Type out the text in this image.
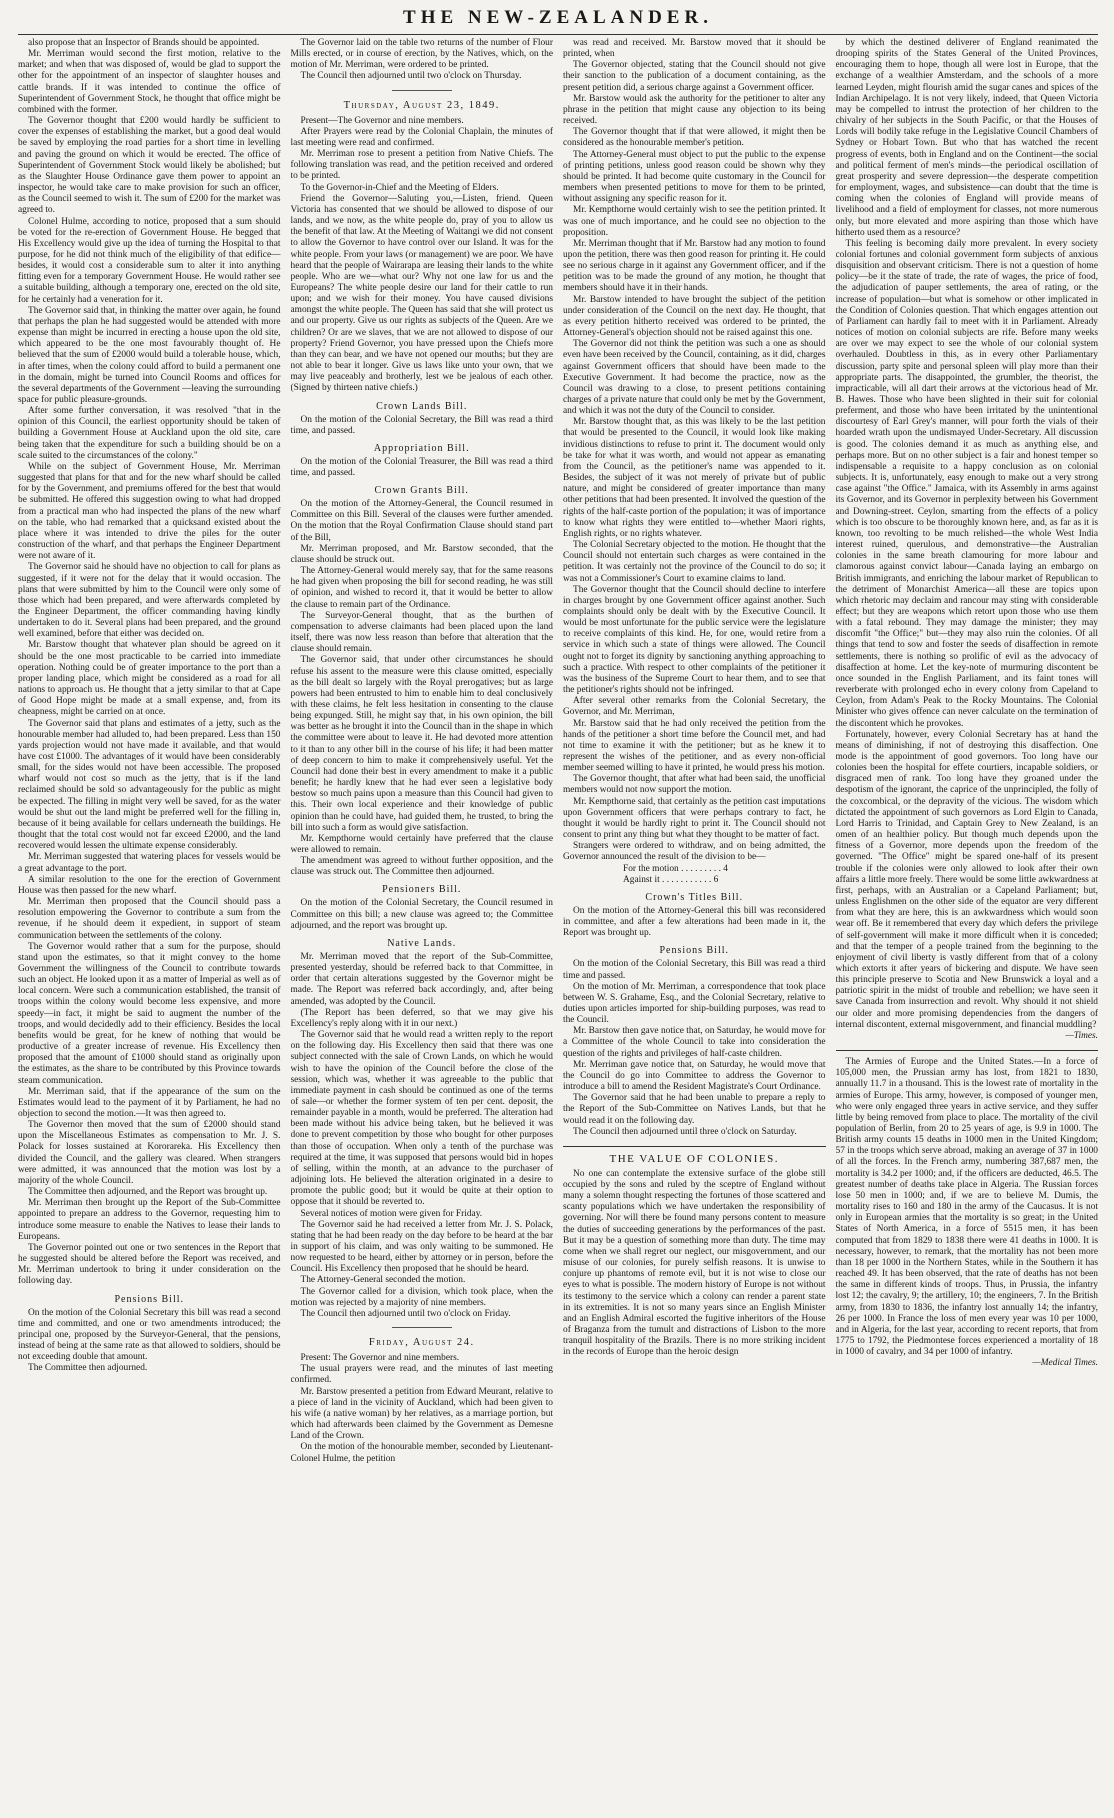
THE NEW-ZEALANDER.

also propose that an Inspector of Brands should be appointed.

Mr. Merriman would second the first motion, relative to the market; and when that was disposed of, would be glad to support the other for the appointment of an inspector of slaughter houses and cattle brands. If it was intended to continue the office of Superintendent of Government Stock, he thought that office might be combined with the former.

The Governor thought that £200 would hardly be sufficient to cover the expenses of establishing the market, but a good deal would be saved by employing the road parties for a short time in levelling and paving the ground on which it would be erected. The office of Superintendent of Government Stock would likely be abolished; but as the Slaughter House Ordinance gave them power to appoint an inspector, he would take care to make provision for such an officer, as the Council seemed to wish it. The sum of £200 for the market was agreed to.

Colonel Hulme, according to notice, proposed that a sum should be voted for the re-erection of Government House. He begged that His Excellency would give up the idea of turning the Hospital to that purpose, for he did not think much of the eligibility of that edifice—besides, it would cost a considerable sum to alter it into anything fitting even for a temporary Government House. He would rather see a suitable building, although a temporary one, erected on the old site, for he certainly had a veneration for it.

The Governor said that, in thinking the matter over again, he found that perhaps the plan he had suggested would be attended with more expense than might be incurred in erecting a house upon the old site, which appeared to be the one most favourably thought of. He believed that the sum of £2000 would build a tolerable house, which, in after times, when the colony could afford to build a permanent one in the domain, might be turned into Council Rooms and offices for the several departments of the Government —leaving the surrounding space for public pleasure-grounds.

After some further conversation, it was resolved "that in the opinion of this Council, the earliest opportunity should be taken of building a Government House at Auckland upon the old site, care being taken that the expenditure for such a building should be on a scale suited to the circumstances of the colony."

While on the subject of Government House, Mr. Merriman suggested that plans for that and for the new wharf should be called for by the Government, and premiums offered for the best that would be submitted. He offered this suggestion owing to what had dropped from a practical man who had inspected the plans of the new wharf on the table, who had remarked that a quicksand existed about the place where it was intended to drive the piles for the outer construction of the wharf, and that perhaps the Engineer Department were not aware of it.

The Governor said he should have no objection to call for plans as suggested, if it were not for the delay that it would occasion. The plans that were submitted by him to the Council were only some of those which had been prepared, and were afterwards completed by the Engineer Department, the officer commanding having kindly undertaken to do it. Several plans had been prepared, and the ground well examined, before that either was decided on.

Mr. Barstow thought that whatever plan should be agreed on it should be the one most practicable to be carried into immediate operation. Nothing could be of greater importance to the port than a proper landing place, which might be considered as a road for all nations to approach us. He thought that a jetty similar to that at Cape of Good Hope might be made at a small expense, and, from its cheapness, might be carried on at once.

The Governor said that plans and estimates of a jetty, such as the honourable member had alluded to, had been prepared. Less than 150 yards projection would not have made it available, and that would have cost £1000. The advantages of it would have been considerably small, for the sides would not have been accessible. The proposed wharf would not cost so much as the jetty, that is if the land reclaimed should be sold so advantageously for the public as might be expected. The filling in might very well be saved, for as the water would be shut out the land might be preferred well for the filling in, because of it being available for cellars underneath the buildings. He thought that the total cost would not far exceed £2000, and the land recovered would lessen the ultimate expense considerably.

Mr. Merriman suggested that watering places for vessels would be a great advantage to the port.

A similar resolution to the one for the erection of Government House was then passed for the new wharf.

Mr. Merriman then proposed that the Council should pass a resolution empowering the Governor to contribute a sum from the revenue, if he should deem it expedient, in support of steam communication between the settlements of the colony.

The Governor would rather that a sum for the purpose, should stand upon the estimates, so that it might convey to the home Government the willingness of the Council to contribute towards such an object. He looked upon it as a matter of Imperial as well as of local concern. Were such a communication established, the transit of troops within the colony would become less expensive, and more speedy—in fact, it might be said to augment the number of the troops, and would decidedly add to their efficiency. Besides the local benefits would be great, for he knew of nothing that would be productive of a greater increase of revenue. His Excellency then proposed that the amount of £1000 should stand as originally upon the estimates, as the share to be contributed by this Province towards steam communication.

Mr. Merriman said, that if the appearance of the sum on the Estimates would lead to the payment of it by Parliament, he had no objection to second the motion.—It was then agreed to.

The Governor then moved that the sum of £2000 should stand upon the Miscellaneous Estimates as compensation to Mr. J. S. Polack for losses sustained at Kororareka. His Excellency then divided the Council, and the gallery was cleared. When strangers were admitted, it was announced that the motion was lost by a majority of the whole Council.

The Committee then adjourned, and the Report was brought up.

Mr. Merriman then brought up the Report of the Sub-Committee appointed to prepare an address to the Governor, requesting him to introduce some measure to enable the Natives to lease their lands to Europeans.

The Governor pointed out one or two sentences in the Report that he suggested should be altered before the Report was received, and Mr. Merriman undertook to bring it under consideration on the following day.

Pensions Bill.

On the motion of the Colonial Secretary this bill was read a second time and committed, and one or two amendments introduced; the principal one, proposed by the Surveyor-General, that the pensions, instead of being at the same rate as that allowed to soldiers, should be not exceeding double that amount.

The Committee then adjourned.

The Governor laid on the table two returns of the number of Flour Mills erected, or in course of erection, by the Natives, which, on the motion of Mr. Merriman, were ordered to be printed.

The Council then adjourned until two o'clock on Thursday.

Thursday, August 23, 1849.

Present—The Governor and nine members.

After Prayers were read by the Colonial Chaplain, the minutes of last meeting were read and confirmed.

Mr. Merriman rose to present a petition from Native Chiefs. The following translation was read, and the petition received and ordered to be printed.

To the Governor-in-Chief and the Meeting of Elders.

Friend the Governor—Saluting you,—Listen, friend. Queen Victoria has consented that we should be allowed to dispose of our lands, and we now, as the white people do, pray of you to allow us the benefit of that law. At the Meeting of Waitangi we did not consent to allow the Governor to have control over our Island. It was for the white people. From your laws (or management) we are poor. We have heard that the people of Wairarapa are leasing their lands to the white people. Who are we—what our? Why not one law for us and the Europeans? The white people desire our land for their cattle to run upon; and we wish for their money. You have caused divisions amongst the white people. The Queen has said that she will protect us and our property. Give us our rights as subjects of the Queen. Are we children? Or are we slaves, that we are not allowed to dispose of our property? Friend Governor, you have pressed upon the Chiefs more than they can bear, and we have not opened our mouths; but they are not able to bear it longer. Give us laws like unto your own, that we may live peaceably and brotherly, lest we be jealous of each other. (Signed by thirteen native chiefs.)

Crown Lands Bill.

On the motion of the Colonial Secretary, the Bill was read a third time, and passed.

Appropriation Bill.

On the motion of the Colonial Treasurer, the Bill was read a third time, and passed.

Crown Grants Bill.

On the motion of the Attorney-General, the Council resumed in Committee on this Bill. Several of the clauses were further amended. On the motion that the Royal Confirmation Clause should stand part of the Bill,

Mr. Merriman proposed, and Mr. Barstow seconded, that the clause should be struck out.

The Attorney-General would merely say, that for the same reasons he had given when proposing the bill for second reading, he was still of opinion, and wished to record it, that it would be better to allow the clause to remain part of the Ordinance.

The Surveyor-General thought, that as the burthen of compensation to adverse claimants had been placed upon the land itself, there was now less reason than before that alteration that the clause should remain.

The Governor said, that under other circumstances he should refuse his assent to the measure were this clause omitted, especially as the bill dealt so largely with the Royal prerogatives; but as large powers had been entrusted to him to enable him to deal conclusively with these claims, he felt less hesitation in consenting to the clause being expunged. Still, he might say that, in his own opinion, the bill was better as he brought it into the Council than in the shape in which the committee were about to leave it. He had devoted more attention to it than to any other bill in the course of his life; it had been matter of deep concern to him to make it comprehensively useful. Yet the Council had done their best in every amendment to make it a public benefit; he hardly knew that he had ever seen a legislative body bestow so much pains upon a measure than this Council had given to this. Their own local experience and their knowledge of public opinion than he could have, had guided them, he trusted, to bring the bill into such a form as would give satisfaction.

Mr. Kempthorne would certainly have preferred that the clause were allowed to remain.

The amendment was agreed to without further opposition, and the clause was struck out. The Committee then adjourned.

Pensioners Bill.

On the motion of the Colonial Secretary, the Council resumed in Committee on this bill; a new clause was agreed to; the Committee adjourned, and the report was brought up.

Native Lands.

Mr. Merriman moved that the report of the Sub-Committee, presented yesterday, should be referred back to that Committee, in order that certain alterations suggested by the Governor might be made. The Report was referred back accordingly, and, after being amended, was adopted by the Council.

(The Report has been deferred, so that we may give his Excellency's reply along with it in our next.)

The Governor said that he would read a written reply to the report on the following day. His Excellency then said that there was one subject connected with the sale of Crown Lands, on which he would wish to have the opinion of the Council before the close of the session, which was, whether it was agreeable to the public that immediate payment in cash should be continued as one of the terms of sale—or whether the former system of ten per cent. deposit, the remainder payable in a month, would be preferred. The alteration had been made without his advice being taken, but he believed it was done to prevent competition by those who bought for other purposes than those of occupation. When only a tenth of the purchase was required at the time, it was supposed that persons would bid in hopes of selling, within the month, at an advance to the purchaser of adjoining lots. He believed the alteration originated in a desire to promote the public good; but it would be quite at their option to oppose that it should be reverted to.

Several notices of motion were given for Friday.

The Governor said he had received a letter from Mr. J. S. Polack, stating that he had been ready on the day before to be heard at the bar in support of his claim, and was only waiting to be summoned. He now requested to be heard, either by attorney or in person, before the Council. His Excellency then proposed that he should be heard.

The Attorney-General seconded the motion.

The Governor called for a division, which took place, when the motion was rejected by a majority of nine members.

The Council then adjourned until two o'clock on Friday.

Friday, August 24.

Present: The Governor and nine members.

The usual prayers were read, and the minutes of last meeting confirmed.

Mr. Barstow presented a petition from Edward Meurant, relative to a piece of land in the vicinity of Auckland, which had been given to his wife (a native woman) by her relatives, as a marriage portion, but which had afterwards been claimed by the Government as Demesne Land of the Crown.

On the motion of the honourable member, seconded by Lieutenant-Colonel Hulme, the petition

was read and received. Mr. Barstow moved that it should be printed, when

The Governor objected, stating that the Council should not give their sanction to the publication of a document containing, as the present petition did, a serious charge against a Government officer.

Mr. Barstow would ask the authority for the petitioner to alter any phrase in the petition that might cause any objection to its being received.

The Governor thought that if that were allowed, it might then be considered as the honourable member's petition.

The Attorney-General must object to put the public to the expense of printing petitions, unless good reason could be shown why they should be printed. It had become quite customary in the Council for members when presented petitions to move for them to be printed, without assigning any specific reason for it.

Mr. Kempthorne would certainly wish to see the petition printed. It was one of much importance, and he could see no objection to the proposition.

Mr. Merriman thought that if Mr. Barstow had any motion to found upon the petition, there was then good reason for printing it. He could see no serious charge in it against any Government officer, and if the petition was to be made the ground of any motion, he thought that members should have it in their hands.

Mr. Barstow intended to have brought the subject of the petition under consideration of the Council on the next day. He thought, that as every petition hitherto received was ordered to be printed, the Attorney-General's objection should not be raised against this one.

The Governor did not think the petition was such a one as should even have been received by the Council, containing, as it did, charges against Government officers that should have been made to the Executive Government. It had become the practice, now as the Council was drawing to a close, to present petitions containing charges of a private nature that could only be met by the Government, and which it was not the duty of the Council to consider.

Mr. Barstow thought that, as this was likely to be the last petition that would be presented to the Council, it would look like making invidious distinctions to refuse to print it. The document would only be take for what it was worth, and would not appear as emanating from the Council, as the petitioner's name was appended to it. Besides, the subject of it was not merely of private but of public nature, and might be considered of greater importance than many other petitions that had been presented. It involved the question of the rights of the half-caste portion of the population; it was of importance to know what rights they were entitled to—whether Maori rights, English rights, or no rights whatever.

The Colonial Secretary objected to the motion. He thought that the Council should not entertain such charges as were contained in the petition. It was certainly not the province of the Council to do so; it was not a Commissioner's Court to examine claims to land.

The Governor thought that the Council should decline to interfere in charges brought by one Government officer against another. Such complaints should only be dealt with by the Executive Council. It would be most unfortunate for the public service were the legislature to receive complaints of this kind. He, for one, would retire from a service in which such a state of things were allowed. The Council ought not to forget its dignity by sanctioning anything approaching to such a practice. With respect to other complaints of the petitioner it was the business of the Supreme Court to hear them, and to see that the petitioner's rights should not be infringed.

After several other remarks from the Colonial Secretary, the Governor, and Mr. Merriman,

Mr. Barstow said that he had only received the petition from the hands of the petitioner a short time before the Council met, and had not time to examine it with the petitioner; but as he knew it to represent the wishes of the petitioner, and as every non-official member seemed willing to have it printed, he would press his motion.

The Governor thought, that after what had been said, the unofficial members would not now support the motion.

Mr. Kempthorne said, that certainly as the petition cast imputations upon Government officers that were perhaps contrary to fact, he thought it would be hardly right to print it. The Council should not consent to print any thing but what they thought to be matter of fact.

Strangers were ordered to withdraw, and on being admitted, the Governor announced the result of the division to be—

For the motion . . . . . . . . . 4
Against it . . . . . . . . . . . 6
Crown's Titles Bill.

On the motion of the Attorney-General this bill was reconsidered in committee, and after a few alterations had been made in it, the Report was brought up.

Pensions Bill.

On the motion of the Colonial Secretary, this Bill was read a third time and passed.

On the motion of Mr. Merriman, a correspondence that took place between W. S. Grahame, Esq., and the Colonial Secretary, relative to duties upon articles imported for ship-building purposes, was read to the Council.

Mr. Barstow then gave notice that, on Saturday, he would move for a Committee of the whole Council to take into consideration the question of the rights and privileges of half-caste children.

Mr. Merriman gave notice that, on Saturday, he would move that the Council do go into Committee to address the Governor to introduce a bill to amend the Resident Magistrate's Court Ordinance.

The Governor said that he had been unable to prepare a reply to the Report of the Sub-Committee on Natives Lands, but that he would read it on the following day.

The Council then adjourned until three o'clock on Saturday.

THE VALUE OF COLONIES.

No one can contemplate the extensive surface of the globe still occupied by the sons and ruled by the sceptre of England without many a solemn thought respecting the fortunes of those scattered and scanty populations which we have undertaken the responsibility of governing. Nor will there be found many persons content to measure the duties of succeeding generations by the performances of the past. But it may be a question of something more than duty. The time may come when we shall regret our neglect, our misgovernment, and our misuse of our colonies, for purely selfish reasons. It is unwise to conjure up phantoms of remote evil, but it is not wise to close our eyes to what is possible. The modern history of Europe is not without its testimony to the service which a colony can render a parent state in its extremities. It is not so many years since an English Minister and an English Admiral escorted the fugitive inheritors of the House of Braganza from the tumult and distractions of Lisbon to the more tranquil hospitality of the Brazils. There is no more striking incident in the records of Europe than the heroic design

by which the destined deliverer of England reanimated the drooping spirits of the States General of the United Provinces, encouraging them to hope, though all were lost in Europe, that the exchange of a wealthier Amsterdam, and the schools of a more learned Leyden, might flourish amid the sugar canes and spices of the Indian Archipelago. It is not very likely, indeed, that Queen Victoria may be compelled to intrust the protection of her children to the chivalry of her subjects in the South Pacific, or that the Houses of Lords will bodily take refuge in the Legislative Council Chambers of Sydney or Hobart Town. But who that has watched the recent progress of events, both in England and on the Continent—the social and political ferment of men's minds—the periodical oscillation of great prosperity and severe depression—the desperate competition for employment, wages, and subsistence—can doubt that the time is coming when the colonies of England will provide means of livelihood and a field of employment for classes, not more numerous only, but more elevated and more aspiring than those which have hitherto used them as a resource?

This feeling is becoming daily more prevalent. In every society colonial fortunes and colonial government form subjects of anxious disquisition and observant criticism. There is not a question of home policy—be it the state of trade, the rate of wages, the price of food, the adjudication of pauper settlements, the area of rating, or the increase of population—but what is somehow or other implicated in the Condition of Colonies question. That which engages attention out of Parliament can hardly fail to meet with it in Parliament. Already notices of motion on colonial subjects are rife. Before many weeks are over we may expect to see the whole of our colonial system overhauled. Doubtless in this, as in every other Parliamentary discussion, party spite and personal spleen will play more than their appropriate parts. The disappointed, the grumbler, the theorist, the impracticable, will all dart their arrows at the victorious head of Mr. B. Hawes. Those who have been slighted in their suit for colonial preferment, and those who have been irritated by the unintentional discourtesy of Earl Grey's manner, will pour forth the vials of their hoarded wrath upon the undismayed Under-Secretary. All discussion is good. The colonies demand it as much as anything else, and perhaps more. But on no other subject is a fair and honest temper so indispensable a requisite to a happy conclusion as on colonial subjects. It is, unfortunately, easy enough to make out a very strong case against "the Office." Jamaica, with its Assembly in arms against its Governor, and its Governor in perplexity between his Government and Downing-street. Ceylon, smarting from the effects of a policy which is too obscure to be thoroughly known here, and, as far as it is known, too revolting to be much relished—the whole West India interest ruined, querulous, and demonstrative—the Australian colonies in the same breath clamouring for more labour and clamorous against convict labour—Canada laying an embargo on British immigrants, and enriching the labour market of Republican to the detriment of Monarchist America—all these are topics upon which rhetoric may declaim and rancour may sting with considerable effect; but they are weapons which retort upon those who use them with a fatal rebound. They may damage the minister; they may discomfit "the Office;" but—they may also ruin the colonies. Of all things that tend to sow and foster the seeds of disaffection in remote settlements, there is nothing so prolific of evil as the advocacy of disaffection at home. Let the key-note of murmuring discontent be once sounded in the English Parliament, and its faint tones will reverberate with prolonged echo in every colony from Capeland to Ceylon, from Adam's Peak to the Rocky Mountains. The Colonial Minister who gives offence can never calculate on the termination of the discontent which he provokes.

Fortunately, however, every Colonial Secretary has at hand the means of diminishing, if not of destroying this disaffection. One mode is the appointment of good governors. Too long have our colonies been the hospital for effete courtiers, incapable soldiers, or disgraced men of rank. Too long have they groaned under the despotism of the ignorant, the caprice of the unprincipled, the folly of the coxcombical, or the depravity of the vicious. The wisdom which dictated the appointment of such governors as Lord Elgin to Canada, Lord Harris to Trinidad, and Captain Grey to New Zealand, is an omen of an healthier policy. But though much depends upon the fitness of a Governor, more depends upon the freedom of the governed. "The Office" might be spared one-half of its present trouble if the colonies were only allowed to look after their own affairs a little more freely. There would be some little awkwardness at first, perhaps, with an Australian or a Capeland Parliament; but, unless Englishmen on the other side of the equator are very different from what they are here, this is an awkwardness which would soon wear off. Be it remembered that every day which defers the privilege of self-government will make it more difficult when it is conceded; and that the temper of a people trained from the beginning to the enjoyment of civil liberty is vastly different from that of a colony which extorts it after years of bickering and dispute. We have seen this principle preserve to Scotia and New Brunswick a loyal and a patriotic spirit in the midst of trouble and rebellion; we have seen it save Canada from insurrection and revolt. Why should it not shield our older and more promising dependencies from the dangers of internal discontent, external misgovernment, and financial muddling?

—Times.

The Armies of Europe and the United States.—In a force of 105,000 men, the Prussian army has lost, from 1821 to 1830, annually 11.7 in a thousand. This is the lowest rate of mortality in the armies of Europe. This army, however, is composed of younger men, who were only engaged three years in active service, and they suffer little by being removed from place to place. The mortality of the civil population of Berlin, from 20 to 25 years of age, is 9.9 in 1000. The British army counts 15 deaths in 1000 men in the United Kingdom; 57 in the troops which serve abroad, making an average of 37 in 1000 of all the forces. In the French army, numbering 387,687 men, the mortality is 34.2 per 1000; and, if the officers are deducted, 46.5. The greatest number of deaths take place in Algeria. The Russian forces lose 50 men in 1000; and, if we are to believe M. Dumis, the mortality rises to 160 and 180 in the army of the Caucasus. It is not only in European armies that the mortality is so great; in the United States of North America, in a force of 5515 men, it has been computed that from 1829 to 1838 there were 41 deaths in 1000. It is necessary, however, to remark, that the mortality has not been more than 18 per 1000 in the Northern States, while in the Southern it has reached 49. It has been observed, that the rate of deaths has not been the same in different kinds of troops. Thus, in Prussia, the infantry lost 12; the cavalry, 9; the artillery, 10; the engineers, 7. In the British army, from 1830 to 1836, the infantry lost annually 14; the infantry, 26 per 1000. In France the loss of men every year was 10 per 1000, and in Algeria, for the last year, according to recent reports, that from 1775 to 1792, the Piedmontese forces experienced a mortality of 18 in 1000 of cavalry, and 34 per 1000 of infantry.

—Medical Times.
